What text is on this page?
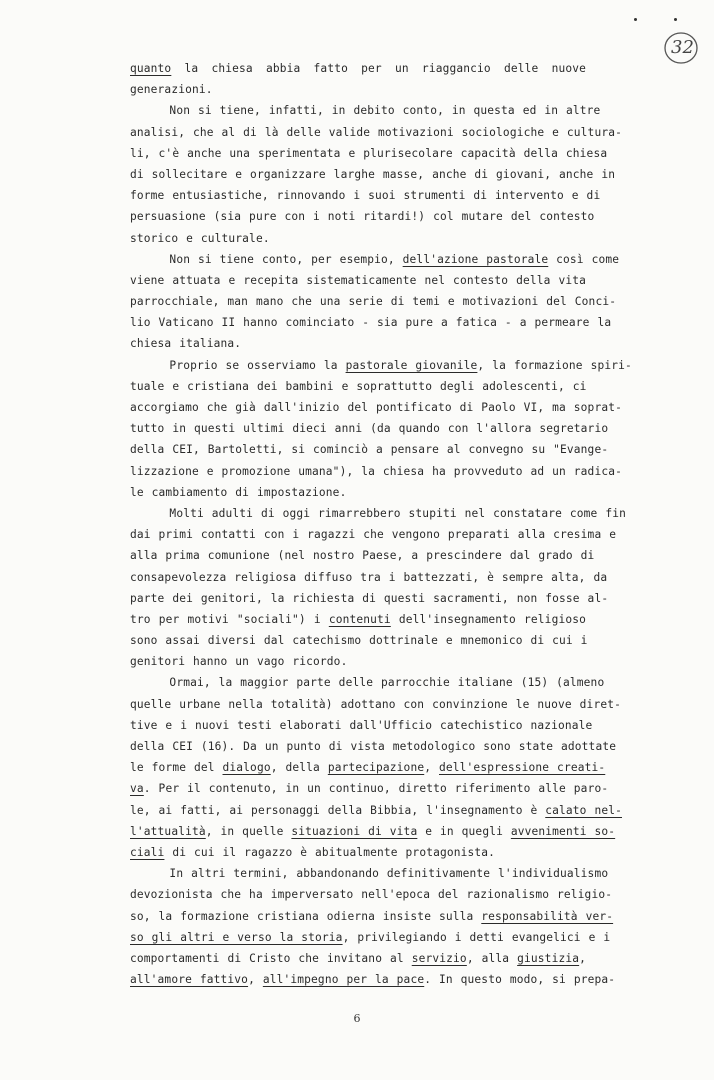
32
quanto la chiesa abbia fatto per un riaggancio delle nuove
generazioni.
Non si tiene, infatti, in debito conto, in questa ed in altre
analisi, che al di là delle valide motivazioni sociologiche e cultura-
li, c'è anche una sperimentata e plurisecolare capacità della chiesa
di sollecitare e organizzare larghe masse, anche di giovani, anche in
forme entusiastiche, rinnovando i suoi strumenti di intervento e di
persuasione (sia pure con i noti ritardi!) col mutare del contesto
storico e culturale.
Non si tiene conto, per esempio, dell'azione pastorale così come
viene attuata e recepita sistematicamente nel contesto della vita
parrocchiale, man mano che una serie di temi e motivazioni del Conci-
lio Vaticano II hanno cominciato - sia pure a fatica - a permeare la
chiesa italiana.
Proprio se osserviamo la pastorale giovanile, la formazione spiri-
tuale e cristiana dei bambini e soprattutto degli adolescenti, ci
accorgiamo che già dall'inizio del pontificato di Paolo VI, ma soprat-
tutto in questi ultimi dieci anni (da quando con l'allora segretario
della CEI, Bartoletti, si cominciò a pensare al convegno su "Evange-
lizzazione e promozione umana"), la chiesa ha provveduto ad un radica-
le cambiamento di impostazione.
Molti adulti di oggi rimarrebbero stupiti nel constatare come fin
dai primi contatti con i ragazzi che vengono preparati alla cresima e
alla prima comunione (nel nostro Paese, a prescindere dal grado di
consapevolezza religiosa diffuso tra i battezzati, è sempre alta, da
parte dei genitori, la richiesta di questi sacramenti, non fosse al-
tro per motivi "sociali") i contenuti dell'insegnamento religioso
sono assai diversi dal catechismo dottrinale e mnemonico di cui i
genitori hanno un vago ricordo.
Ormai, la maggior parte delle parrocchie italiane (15) (almeno
quelle urbane nella totalità) adottano con convinzione le nuove diret-
tive e i nuovi testi elaborati dall'Ufficio catechistico nazionale
della CEI (16). Da un punto di vista metodologico sono state adottate
le forme del dialogo, della partecipazione, dell'espressione creati-
va. Per il contenuto, in un continuo, diretto riferimento alle paro-
le, ai fatti, ai personaggi della Bibbia, l'insegnamento è calato nel-
l'attualità, in quelle situazioni di vita e in quegli avvenimenti so-
ciali di cui il ragazzo è abitualmente protagonista.
In altri termini, abbandonando definitivamente l'individualismo
devozionista che ha imperversato nell'epoca del razionalismo religio-
so, la formazione cristiana odierna insiste sulla responsabilità ver-
so gli altri e verso la storia, privilegiando i detti evangelici e i
comportamenti di Cristo che invitano al servizio, alla giustizia,
all'amore fattivo, all'impegno per la pace. In questo modo, si prepa-
6
